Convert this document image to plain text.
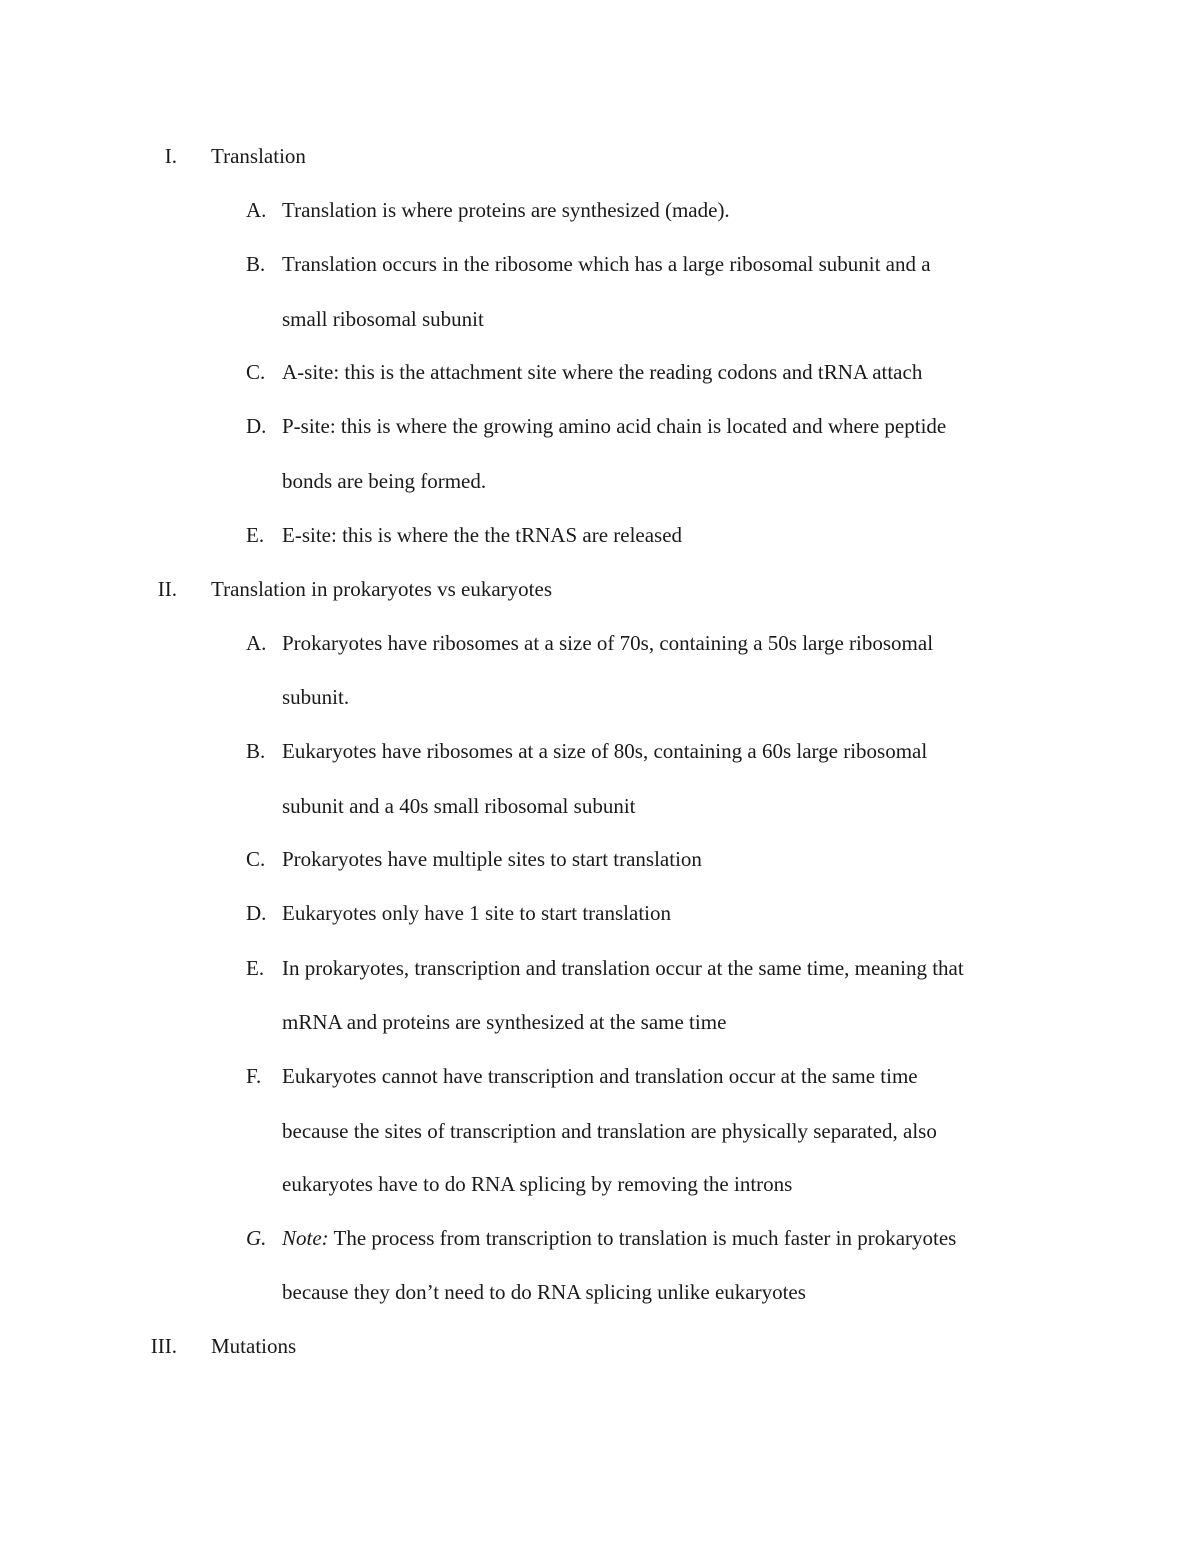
I. Translation
A. Translation is where proteins are synthesized (made).
B. Translation occurs in the ribosome which has a large ribosomal subunit and a
small ribosomal subunit
C. A-site: this is the attachment site where the reading codons and tRNA attach
D. P-site: this is where the growing amino acid chain is located and where peptide
bonds are being formed.
E. E-site: this is where the the tRNAS are released
II. Translation in prokaryotes vs eukaryotes
A. Prokaryotes have ribosomes at a size of 70s, containing a 50s large ribosomal
subunit.
B. Eukaryotes have ribosomes at a size of 80s, containing a 60s large ribosomal
subunit and a 40s small ribosomal subunit
C. Prokaryotes have multiple sites to start translation
D. Eukaryotes only have 1 site to start translation
E. In prokaryotes, transcription and translation occur at the same time, meaning that
mRNA and proteins are synthesized at the same time
F. Eukaryotes cannot have transcription and translation occur at the same time
because the sites of transcription and translation are physically separated, also
eukaryotes have to do RNA splicing by removing the introns
G. Note: The process from transcription to translation is much faster in prokaryotes
because they don’t need to do RNA splicing unlike eukaryotes
III. Mutations
